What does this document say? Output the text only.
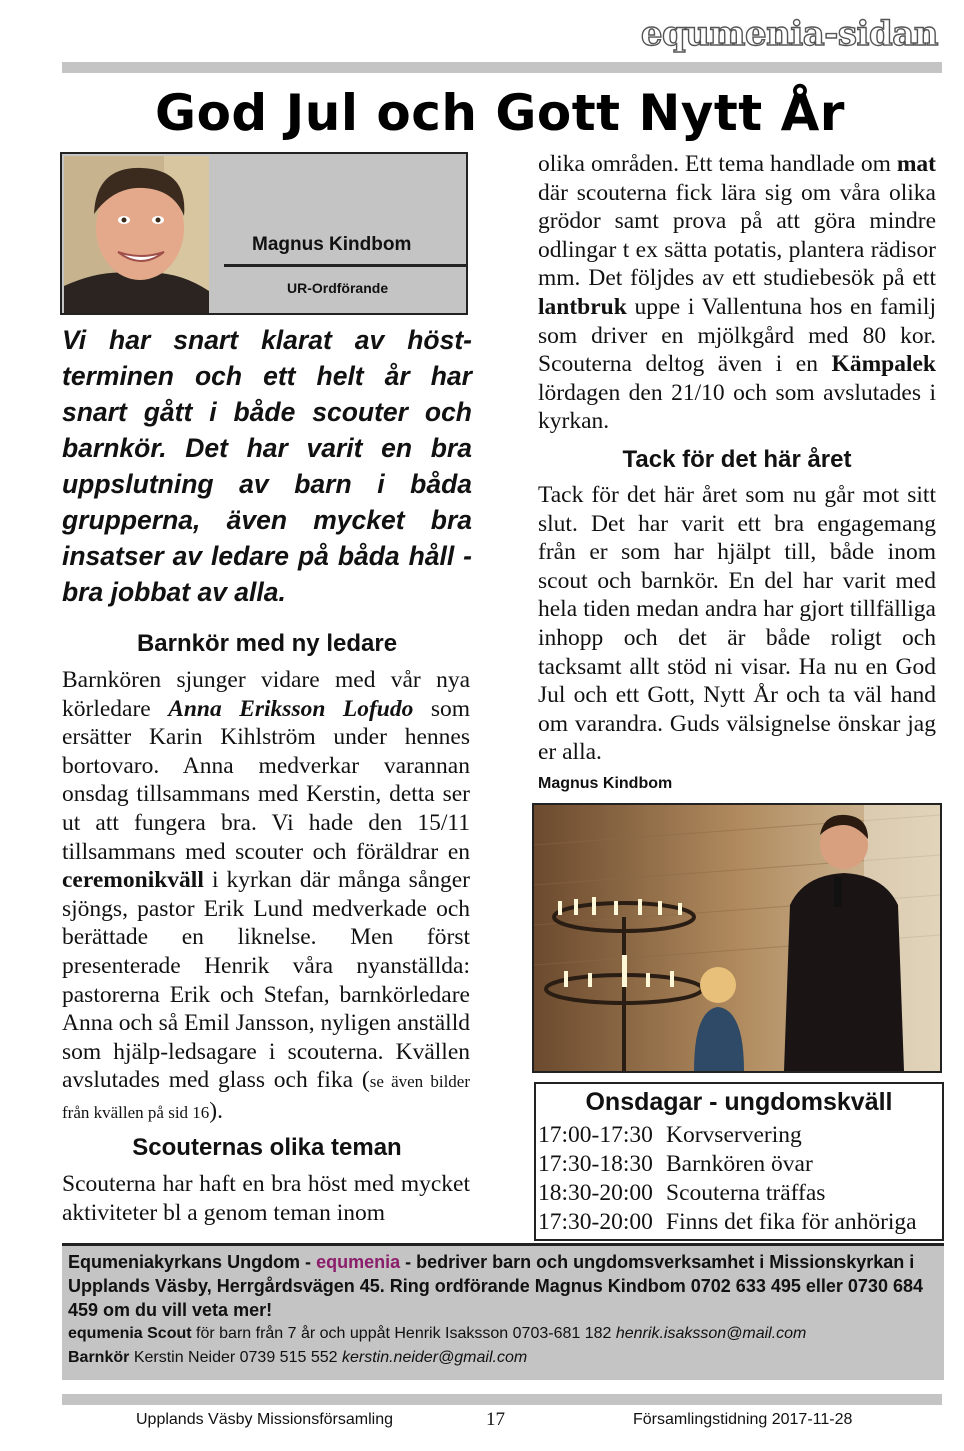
equmenia-sidan
God Jul och Gott Nytt År
Magnus Kindbom
UR-Ordförande

Vi har snart klarat av höst-terminen och ett helt år har snart gått i både scouter och barnkör. Det har varit en bra uppslutning av barn i båda grupperna, även mycket bra insatser av ledare på båda håll - bra jobbat av alla.

Barnkör med ny ledare

Barnkören sjunger vidare med vår nya körledare Anna Eriksson Lofudo som ersätter Karin Kihlström under hennes bortovaro. Anna medverkar varannan onsdag tillsammans med Kerstin, detta ser ut att fungera bra. Vi hade den 15/11 tillsammans med scouter och föräldrar en ceremonikväll i kyrkan där många sånger sjöngs, pastor Erik Lund medverkade och berättade en liknelse. Men först presenterade Henrik våra nyanställda: pastorerna Erik och Stefan, barnkörledare Anna och så Emil Jansson, nyligen anställd som hjälp-ledsagare i scouterna. Kvällen avslutades med glass och fika (se även bilder från kvällen på sid 16).

Scouternas olika teman

Scouterna har haft en bra höst med mycket aktiviteter bl a genom teman inom

olika områden. Ett tema handlade om mat där scouterna fick lära sig om våra olika grödor samt prova på att göra mindre odlingar t ex sätta potatis, plantera rädisor mm. Det följdes av ett studiebesök på ett lantbruk uppe i Vallentuna hos en familj som driver en mjölkgård med 80 kor. Scouterna deltog även i en Kämpalek lördagen den 21/10 och som avslutades i kyrkan.

Tack för det här året

Tack för det här året som nu går mot sitt slut. Det har varit ett bra engagemang från er som har hjälpt till, både inom scout och barnkör. En del har varit med hela tiden medan andra har gjort tillfälliga inhopp och det är både roligt och tacksamt allt stöd ni visar. Ha nu en God Jul och ett Gott, Nytt År och ta väl hand om varandra. Guds välsignelse önskar jag er alla.

Magnus Kindbom
Onsdagar - ungdomskväll
17:00-17:30 Korvservering
17:30-18:30 Barnkören övar
18:30-20:00 Scouterna träffas
17:30-20:00 Finns det fika för anhöriga

Equmeniakyrkans Ungdom - equmenia - bedriver barn och ungdomsverksamhet i Missionskyrkan i Upplands Väsby, Herrgårdsvägen 45. Ring ordförande Magnus Kindbom 0702 633 495 eller 0730 684 459 om du vill veta mer!

equmenia Scout för barn från 7 år och uppåt Henrik Isaksson 0703-681 182 henrik.isaksson@mail.com

Barnkör Kerstin Neider 0739 515 552 kerstin.neider@gmail.com

Upplands Väsby Missionsförsamling	17	Församlingstidning 2017-11-28
